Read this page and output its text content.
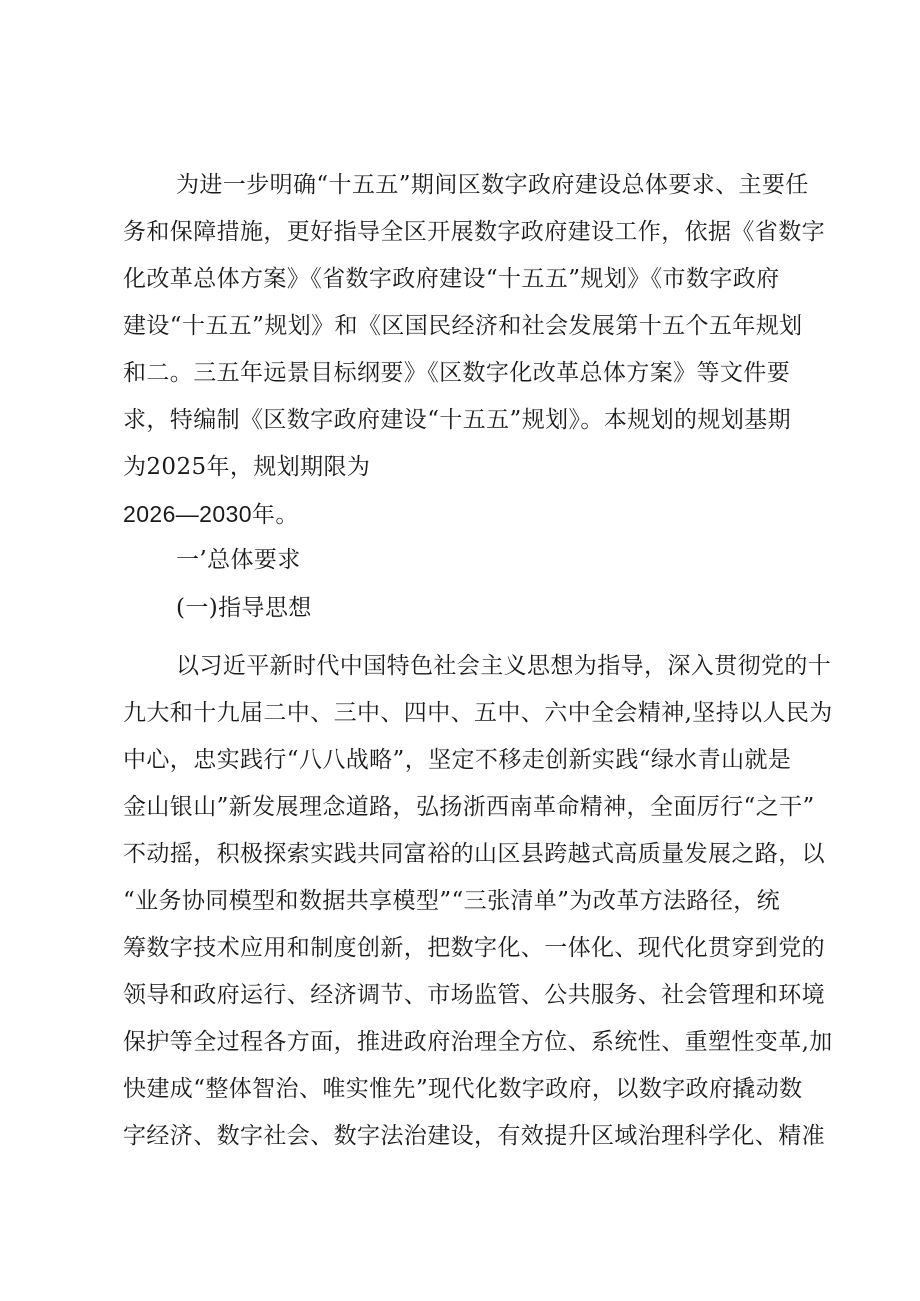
为进一步明确“十五五”期间区数字政府建设总体要求、主要任
务和保障措施，更好指导全区开展数字政府建设工作，依据《省数字
化改革总体方案》《省数字政府建设“十五五”规划》《市数字政府
建设“十五五”规划》和《区国民经济和社会发展第十五个五年规划
和二。三五年远景目标纲要》《区数字化改革总体方案》等文件要
求，特编制《区数字政府建设“十五五”规划》。本规划的规划基期
为2025年，规划期限为
2026—2030年。
一’总体要求
(一)指导思想
以习近平新时代中国特色社会主义思想为指导，深入贯彻党的十
九大和十九届二中、三中、四中、五中、六中全会精神,坚持以人民为
中心，忠实践行“八八战略”，坚定不移走创新实践“绿水青山就是
金山银山”新发展理念道路，弘扬浙西南革命精神，全面厉行“之干”
不动摇，积极探索实践共同富裕的山区县跨越式高质量发展之路，以
“业务协同模型和数据共享模型”“三张清单”为改革方法路径，统
筹数字技术应用和制度创新，把数字化、一体化、现代化贯穿到党的
领导和政府运行、经济调节、市场监管、公共服务、社会管理和环境
保护等全过程各方面，推进政府治理全方位、系统性、重塑性变革,加
快建成“整体智治、唯实惟先”现代化数字政府，以数字政府撬动数
字经济、数字社会、数字法治建设，有效提升区域治理科学化、精准
